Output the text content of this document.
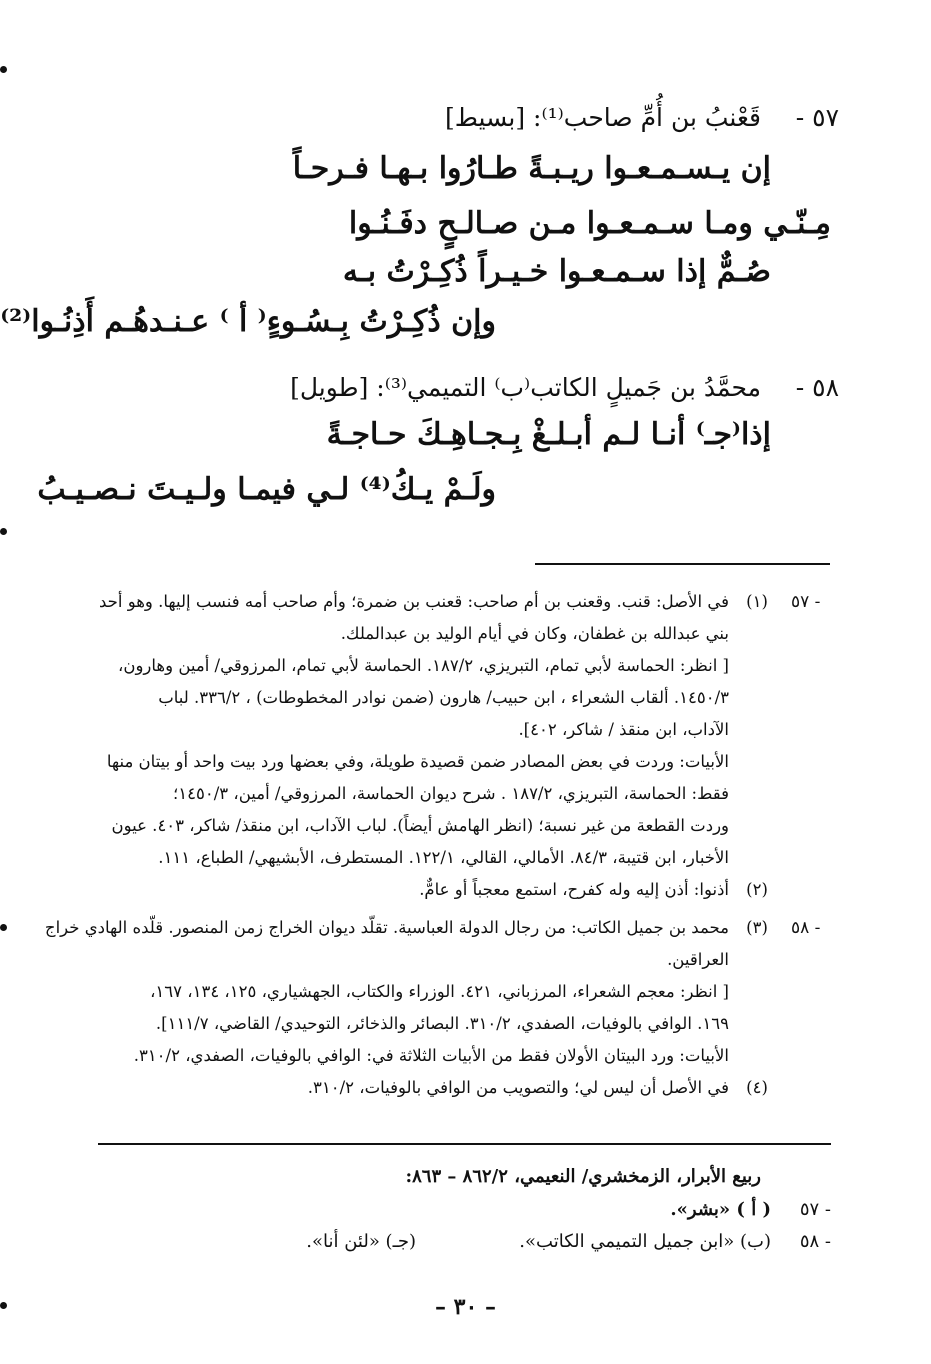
٥٧ -قَعْنبُ بن أُمِّ صاحب⁽¹⁾: [بسيط]
إن يـسـمـعـوا ريـبـةً طـارُوا بـهـا فـرحـاً
مِـنّـي ومـا سـمـعـوا مـن صـالـحٍ دفَـنُـوا
صُـمٌّ إذا سـمـعـوا خـيـراً ذُكِـرْتُ بـه
وإن ذُكِـرْتُ بِـسُـوءٍ⁽ أ ⁾ عـنـدهُـم أَذِنُـوا⁽²⁾
٥٨ -محمَّدُ بن جَميلٍ الكاتب⁽ب⁾ التميمي⁽³⁾: [طويل]
إذا⁽جـ⁾ أنـا لـم أبـلـغْ بِـجـاهِـكَ حـاجـةً
ولَـمْ يـكُ⁽⁴⁾ لـي فيمـا ولـيـتَ نـصـيـبُ
٥٧ -
٥٨ -
(١)في الأصل: قنب. وقعنب بن أم صاحب: قعنب بن ضمرة؛ وأم صاحب أمه فنسب إليها. وهو أحد
بني عبدالله بن غطفان، وكان في أيام الوليد بن عبدالملك.
[ انظر: الحماسة لأبي تمام، التبريزي، ١٨٧/٢. الحماسة لأبي تمام، المرزوقي/ أمين وهارون،
١٤٥٠/٣. ألقاب الشعراء ، ابن حبيب/ هارون (ضمن نوادر المخطوطات) ، ٣٣٦/٢. لباب
الآداب، ابن منقذ / شاكر، ٤٠٢].
الأبيات: وردت في بعض المصادر ضمن قصيدة طويلة، وفي بعضها ورد بيت واحد أو بيتان منها
فقط: الحماسة، التبريزي، ١٨٧/٢ . شرح ديوان الحماسة، المرزوقي/ أمين، ١٤٥٠/٣؛
وردت القطعة من غير نسبة؛ (انظر الهامش أيضاً). لباب الآداب، ابن منقذ/ شاكر، ٤٠٣. عيون
الأخبار، ابن قتيبة، ٨٤/٣. الأمالي، القالي، ١٢٢/١. المستطرف، الأبشيهي/ الطباع، ١١١.
(٢)أذنوا: أذن إليه وله كفرح، استمع معجباً أو عامٌّ.
(٣)محمد بن جميل الكاتب: من رجال الدولة العباسية. تقلّد ديوان الخراج زمن المنصور. قلّده الهادي خراج
العراقين.
[ انظر: معجم الشعراء، المرزباني، ٤٢١. الوزراء والكتاب، الجهشياري، ١٢٥، ١٣٤، ١٦٧،
١٦٩. الوافي بالوفيات، الصفدي، ٣١٠/٢. البصائر والذخائر، التوحيدي/ القاضي، ١١١/٧].
الأبيات: ورد البيتان الأولان فقط من الأبيات الثلاثة في: الوافي بالوفيات، الصفدي، ٣١٠/٢.
(٤)في الأصل أن ليس لي؛ والتصويب من الوافي بالوفيات، ٣١٠/٢.
ربيع الأبرار، الزمخشري/ النعيمي، ٨٦٢/٢ – ٨٦٣:
٥٧ -
( أ ) «بشر».
٥٨ -
(ب) «ابن جميل التميمي الكاتب».
(جـ) «لئن أنا».
– ٣٠ –
